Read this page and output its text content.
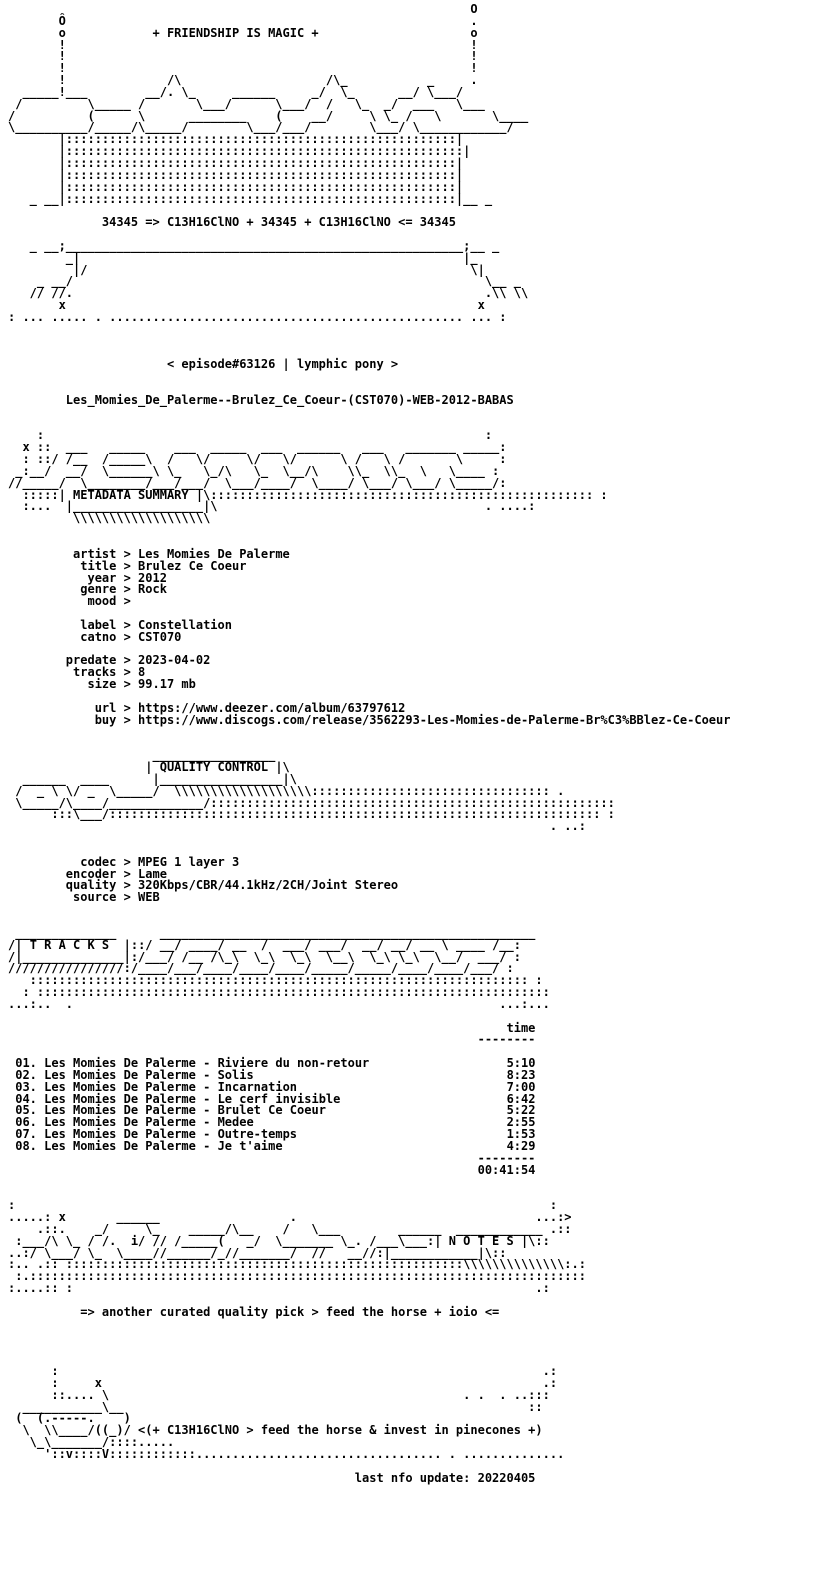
O
Ô                                                        .
o            + FRIENDSHIP IS MAGIC +                     o
!                                                        !
!                                                        !
!                                                        !
!              /\                    /\_           _     .
_____!___        __/. \_     ______     _/  \_      __/ \___/
/         \_____ /       \___/      \___/  /   \_  _/  ___   \___
/          (      \      ________    (    __/     \ \_ /   \       \____
\__________/_____/\_____/        \___/___/        \___/ \____________/
|::::::::::::::::::::::::::::::::::::::::::::::::::::::|
|:::::::::::::::::::::::::::::::::::::::::::::::::::::::|
|::::::::::::::::::::::::::::::::::::::::::::::::::::::|
|::::::::::::::::::::::::::::::::::::::::::::::::::::::|
|::::::::::::::::::::::::::::::::::::::::::::::::::::::|
_ __|::::::::::::::::::::::::::::::::::::::::::::::::::::::|__ _

34345 => C13H16ClNO + 34345 + C13H16ClNO <= 34345

_ __;_______________________________________________________;__ _
_|                                                     |_
|/                                                     \|
_ __/                                                         \__ _
// //.                                                         .\\ \\
x                                                         x
: ... ..... . ................................................. ... :

< episode#63126 | lymphic pony >

Les_Momies_De_Palerme--Brulez_Ce_Coeur-(CST070)-WEB-2012-BABAS

:                                                             :
x ::  ___   _____    ___  _____  ___  ______   ___   _______ _____:
: ::/ /__  /_____\  /   \/     \/   \/      \ /   \ /       \     :
_:__/  __/  \______\ \_   \_/\   \_  \__/\    \\_  \\_  \   \____ :
//_____/  \________/___/___/  \___/____/  \____/ \___/ \___/ \_____/:
:::::| METADATA SUMMARY |\::::::::::::::::::::::::::::::::::::::::::::::::::::: :
:...  |__________________|\                                     . ....:
\\\\\\\\\\\\\\\\\\\

artist > Les Momies De Palerme
title > Brulez Ce Coeur
year > 2012
genre > Rock
mood >

label > Constellation
catno > CST070

predate > 2023-04-02
tracks > 8
size > 99.17 mb

url > https://www.deezer.com/album/63797612
buy > https://www.discogs.com/release/3562293-Les-Momies-de-Palerme-Br%C3%BBlez-Ce-Coeur

_________________
| QUALITY CONTROL |\
______  ____      |_________________|\
/  _ \ \/ _  \_____/  \\\\\\\\\\\\\\\\\\\::::::::::::::::::::::::::::::::: .
\_____/\____/_____________/::::::::::::::::::::::::::::::::::::::::::::::::::::::::
:::\___/:::::::::::::::::::::::::::::::::::::::::::::::::::::::::::::::::::: :
. ..:

codec > MPEG 1 layer 3
encoder > Lame
quality > 320Kbps/CBR/44.1kHz/2CH/Joint Stereo
source > WEB

______________      ____________________________________________________
/| T R A C K S  |::/ __/ ____/ __  /  ___/ ___/  __/ __/ __ \ ____ /__:
/|______________|:/___/ /__ /\_\  \_\  \_\  \__\  \_\ \_\  \__/  ___/ :
////////////////:/____/___/____/____/____/_____/_____/____/____/___/ :
::::::::::::::::::::::::::::::::::::::::::::::::::::::::::::::::::::: :
: :::::::::::::::::::::::::::::::::::::::::::::::::::::::::::::::::::::::
...:..  .                                                           ...:...

time
--------

01. Les Momies De Palerme - Riviere du non-retour	5:10
02. Les Momies De Palerme - Solis	8:23
03. Les Momies De Palerme - Incarnation	7:00
04. Les Momies De Palerme - Le cerf invisible	6:42
05. Les Momies De Palerme - Brulet Ce Coeur	5:22
06. Les Momies De Palerme - Medee	2:55
07. Les Momies De Palerme - Outre-temps	1:53
08. Les Momies De Palerme - Je t'aime	4:29
--------
00:41:54

:                                                                          :
.....: x       ______                  .                                 ...:>
.::.    _/     \_    _____/\__    /   \___        ______  ____________ .::
:___/\ \_ / /.  i/ // /_____(   _/  \_______ \_. /___\___:| N O T E S |\::
..:/ \___/ \_  \____//______/_//_______/  //   __//:|____________|\::
:.. .:: :::::::::::::::::::::::::::::::::::::::::::::::::::::::\\\\\\\\\\\\\\:.:
:.:::::::::::::::::::::::::::::::::::::::::::::::::::::::::::::::::::::::::::::
:....:: :                                                                .:

=> another curated quality pick > feed the horse + ioio <=

:                                                                   .:
:     x                                                             .:
::.... \                                                 . .  . ..:::
___________\__                                                        ::
(  (.-----.    )
\  \\____/((_)/ <(+ C13H16ClNO > feed the horse & invest in pinecones +)
\_\_______/::::.....
'::v::::V::::::::::::.................................. . ..............

last nfo update: 20220405
